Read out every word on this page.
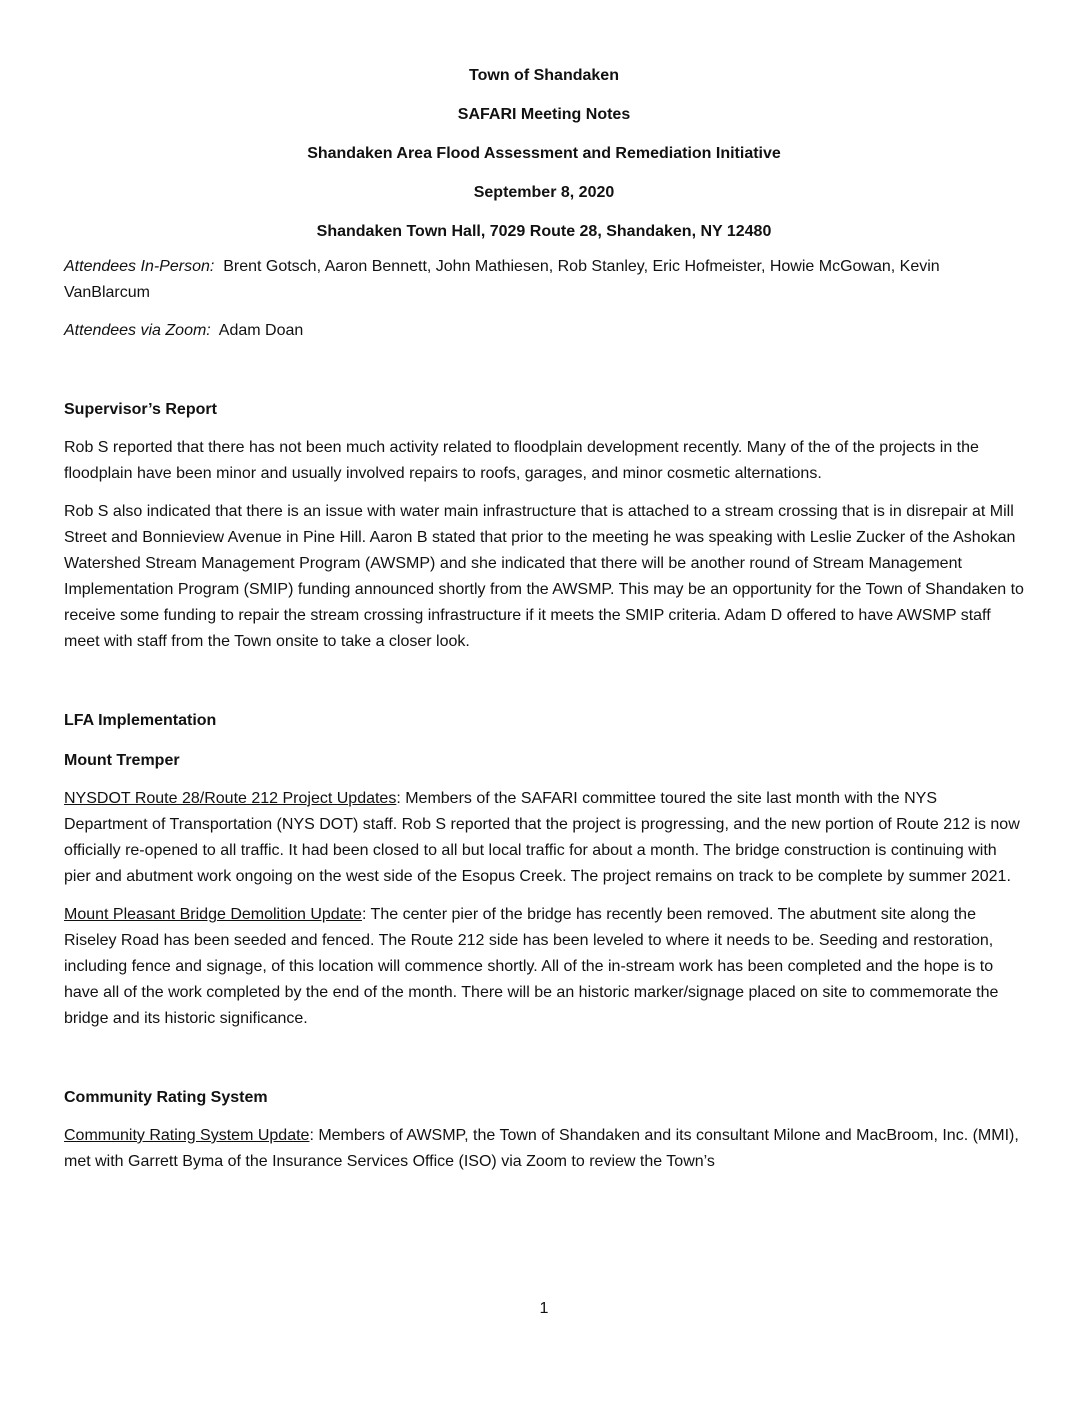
Town of Shandaken

SAFARI Meeting Notes

Shandaken Area Flood Assessment and Remediation Initiative

September 8, 2020

Shandaken Town Hall, 7029 Route 28, Shandaken, NY 12480

Attendees In-Person: Brent Gotsch, Aaron Bennett, John Mathiesen, Rob Stanley, Eric Hofmeister, Howie McGowan, Kevin VanBlarcum

Attendees via Zoom: Adam Doan

Supervisor’s Report

Rob S reported that there has not been much activity related to floodplain development recently. Many of the of the projects in the floodplain have been minor and usually involved repairs to roofs, garages, and minor cosmetic alternations.

Rob S also indicated that there is an issue with water main infrastructure that is attached to a stream crossing that is in disrepair at Mill Street and Bonnieview Avenue in Pine Hill. Aaron B stated that prior to the meeting he was speaking with Leslie Zucker of the Ashokan Watershed Stream Management Program (AWSMP) and she indicated that there will be another round of Stream Management Implementation Program (SMIP) funding announced shortly from the AWSMP. This may be an opportunity for the Town of Shandaken to receive some funding to repair the stream crossing infrastructure if it meets the SMIP criteria. Adam D offered to have AWSMP staff meet with staff from the Town onsite to take a closer look.

LFA Implementation
Mount Tremper

NYSDOT Route 28/Route 212 Project Updates: Members of the SAFARI committee toured the site last month with the NYS Department of Transportation (NYS DOT) staff. Rob S reported that the project is progressing, and the new portion of Route 212 is now officially re-opened to all traffic. It had been closed to all but local traffic for about a month. The bridge construction is continuing with pier and abutment work ongoing on the west side of the Esopus Creek. The project remains on track to be complete by summer 2021.

Mount Pleasant Bridge Demolition Update: The center pier of the bridge has recently been removed. The abutment site along the Riseley Road has been seeded and fenced. The Route 212 side has been leveled to where it needs to be. Seeding and restoration, including fence and signage, of this location will commence shortly. All of the in-stream work has been completed and the hope is to have all of the work completed by the end of the month. There will be an historic marker/signage placed on site to commemorate the bridge and its historic significance.

Community Rating System

Community Rating System Update: Members of AWSMP, the Town of Shandaken and its consultant Milone and MacBroom, Inc. (MMI), met with Garrett Byma of the Insurance Services Office (ISO) via Zoom to review the Town’s

1
